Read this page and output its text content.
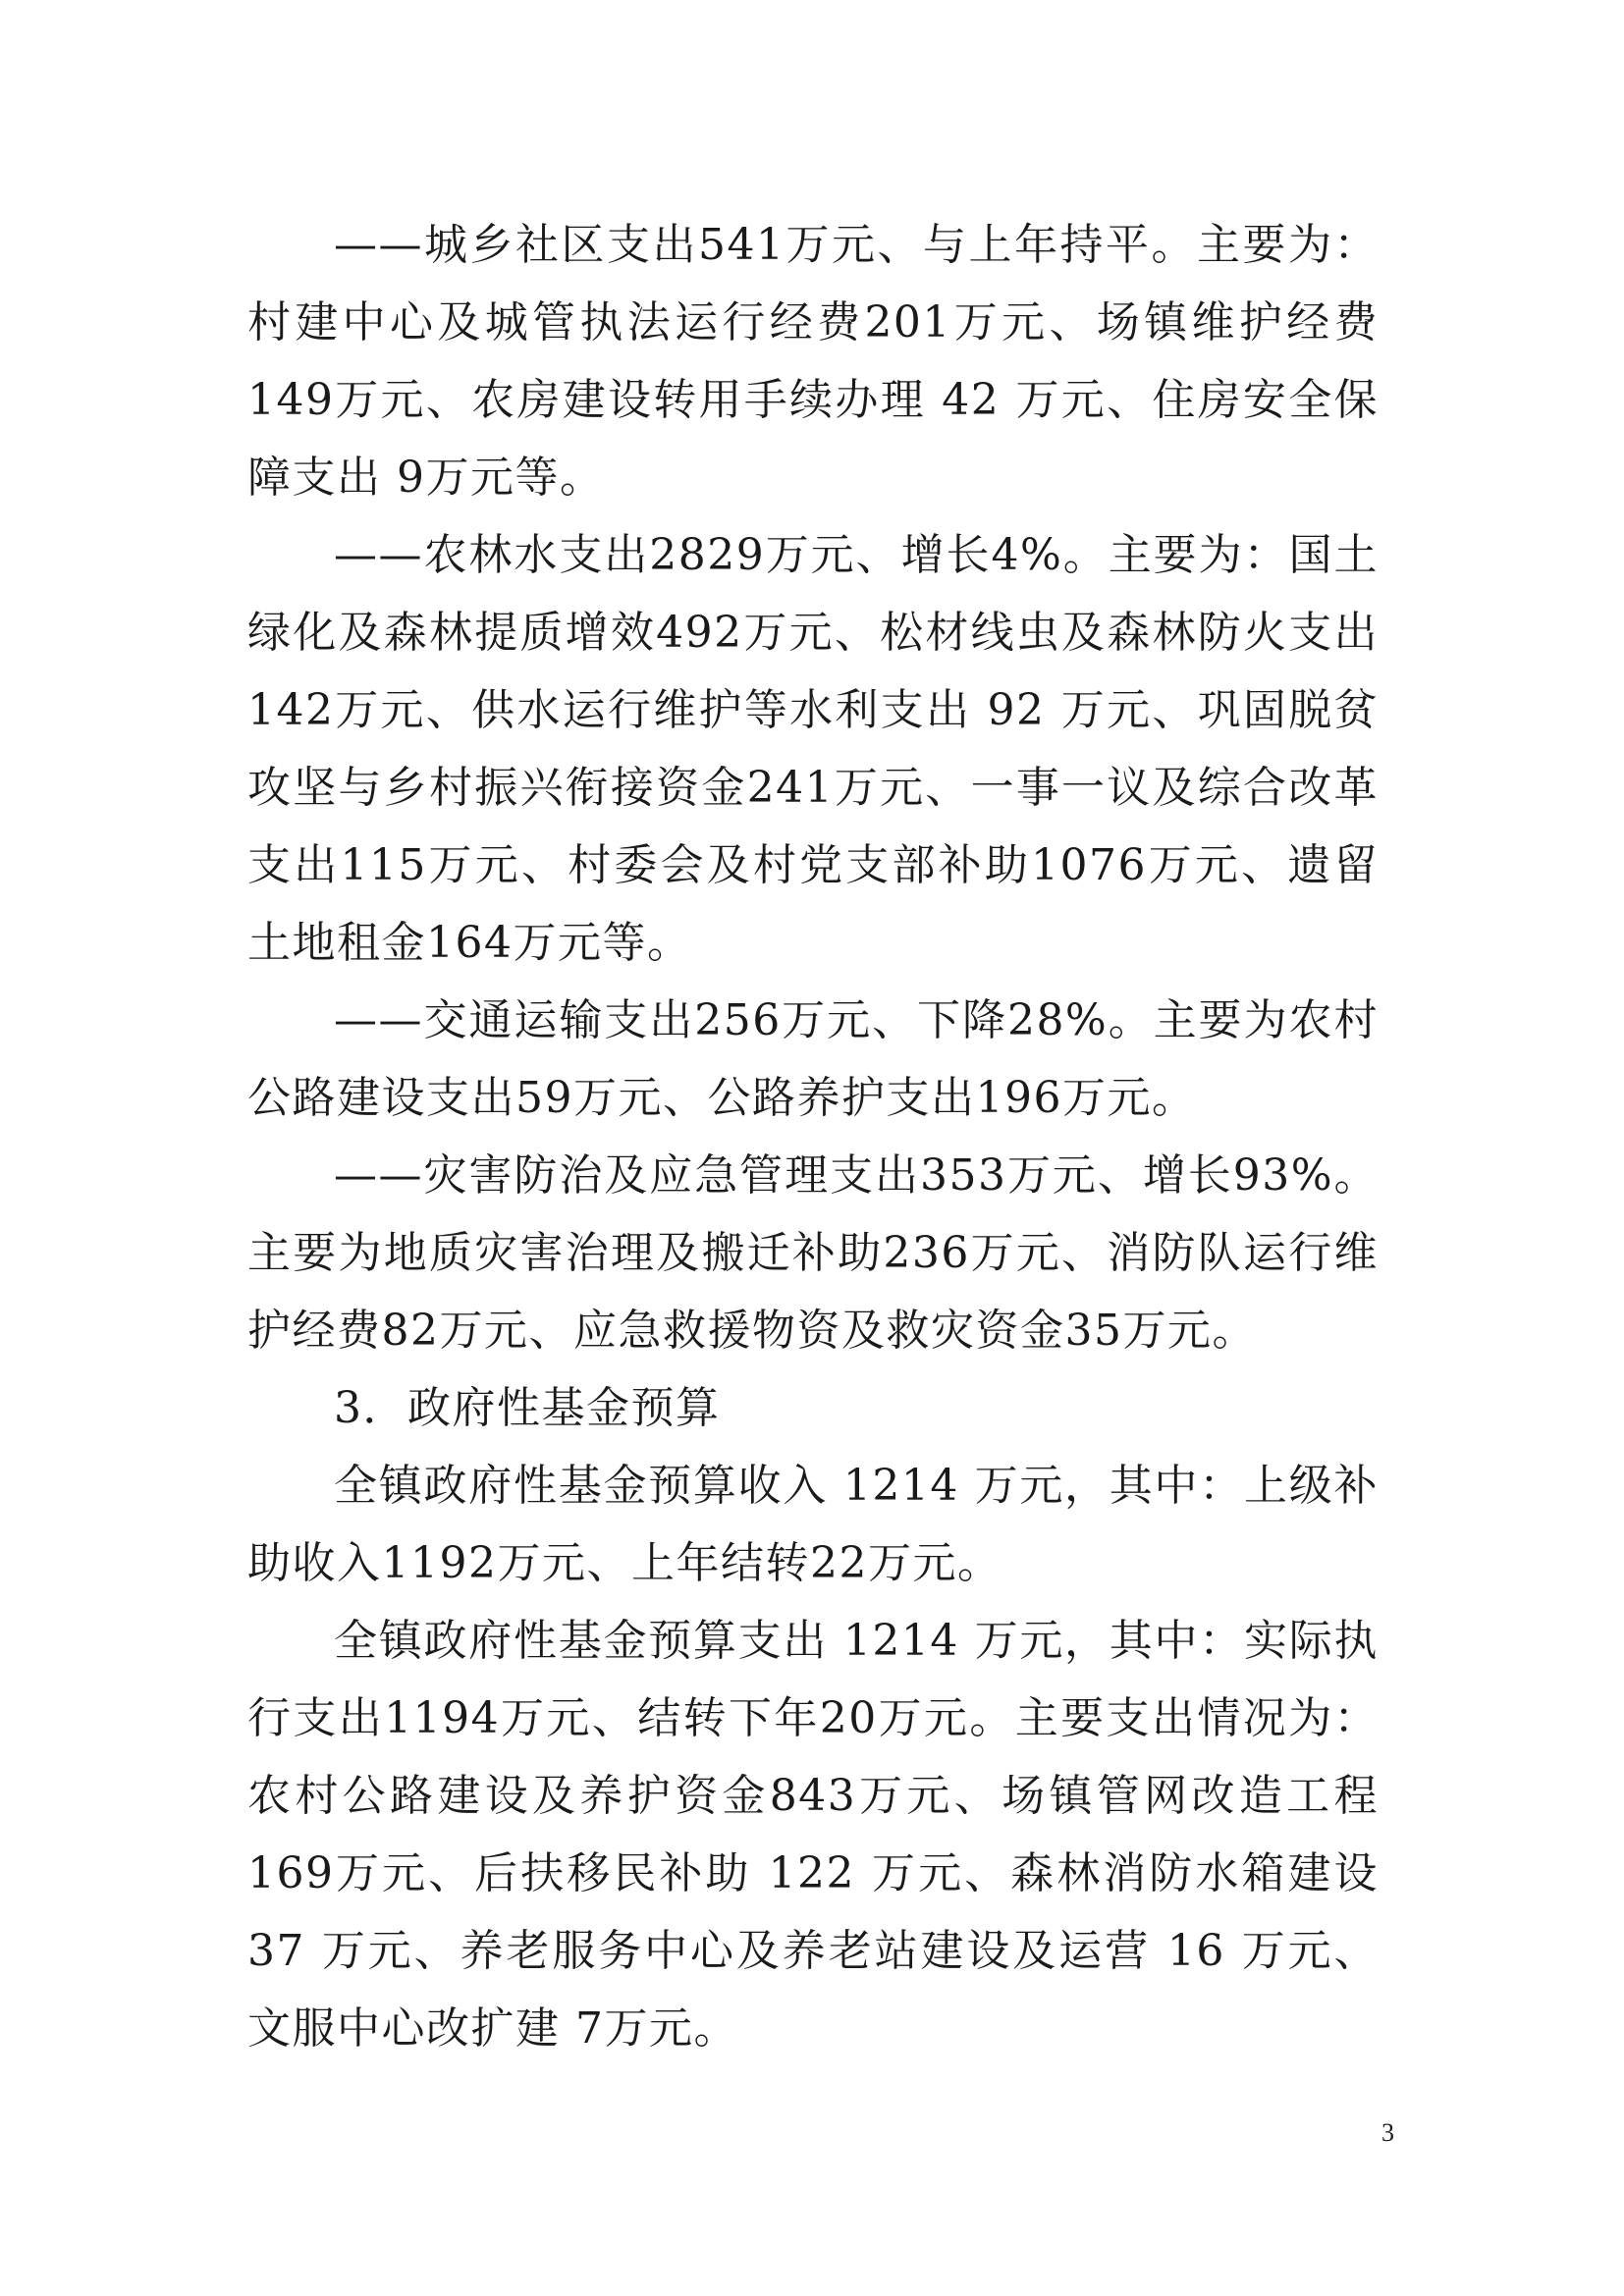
——城乡社区支出541万元、与上年持平。主要为：村建中心及城管执法运行经费201万元、场镇维护经费149万元、农房建设转用手续办理 42 万元、住房安全保障支出 9万元等。

——农林水支出2829万元、增长4%。主要为：国土绿化及森林提质增效492万元、松材线虫及森林防火支出142万元、供水运行维护等水利支出 92 万元、巩固脱贫攻坚与乡村振兴衔接资金241万元、一事一议及综合改革支出115万元、村委会及村党支部补助1076万元、遗留土地租金164万元等。

——交通运输支出256万元、下降28%。主要为农村公路建设支出59万元、公路养护支出196万元。

——灾害防治及应急管理支出353万元、增长93%。主要为地质灾害治理及搬迁补助236万元、消防队运行维护经费82万元、应急救援物资及救灾资金35万元。

3．政府性基金预算

全镇政府性基金预算收入 1214 万元，其中：上级补助收入1192万元、上年结转22万元。

全镇政府性基金预算支出 1214 万元，其中：实际执行支出1194万元、结转下年20万元。主要支出情况为：农村公路建设及养护资金843万元、场镇管网改造工程169万元、后扶移民补助 122 万元、森林消防水箱建设 37 万元、养老服务中心及养老站建设及运营 16 万元、文服中心改扩建 7万元。

3
